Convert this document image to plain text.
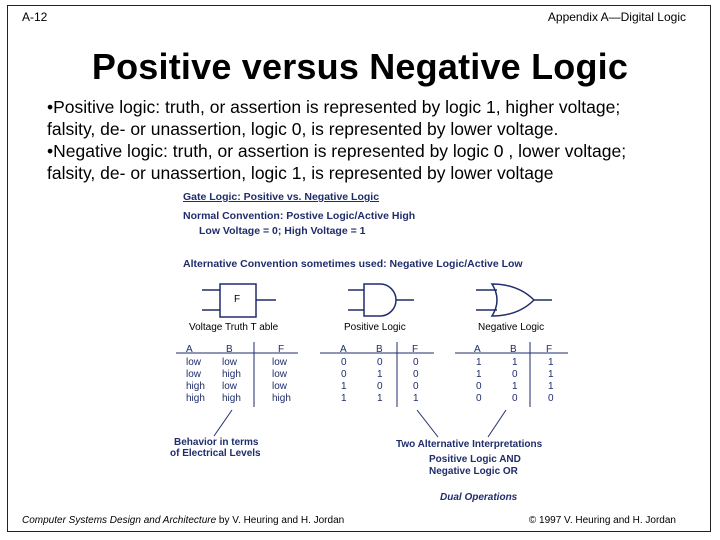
A-12	Appendix A—Digital Logic
Positive versus Negative Logic
•Positive logic: truth, or assertion is represented by logic 1, higher voltage;
falsity, de- or unassertion, logic 0, is represented by lower voltage.
•Negative logic: truth, or assertion is represented by logic 0 , lower voltage;
falsity, de- or unassertion, logic 1, is represented by lower voltage
Gate Logic: Positive vs. Negative Logic
Normal Convention: Postive Logic/Active High
Low Voltage = 0; High Voltage = 1
Alternative Convention sometimes used: Negative Logic/Active Low
F
Voltage Truth T able	Positive Logic	Negative Logic
A	B	F
low low	low
low high	low
high low	low
high high	high
A	B	F
0	0	0
0	1	0
1	0	0
1	1	1
A	B	F
1	1	1
1	0	1
0	1	1
0	0	0
Behavior in terms
of Electrical Levels
Two Alternative Interpretations
Positive Logic AND
Negative Logic OR
Dual Operations
Computer Systems Design and Architecture by V. Heuring and H. Jordan	© 1997 V. Heuring and H. Jordan
